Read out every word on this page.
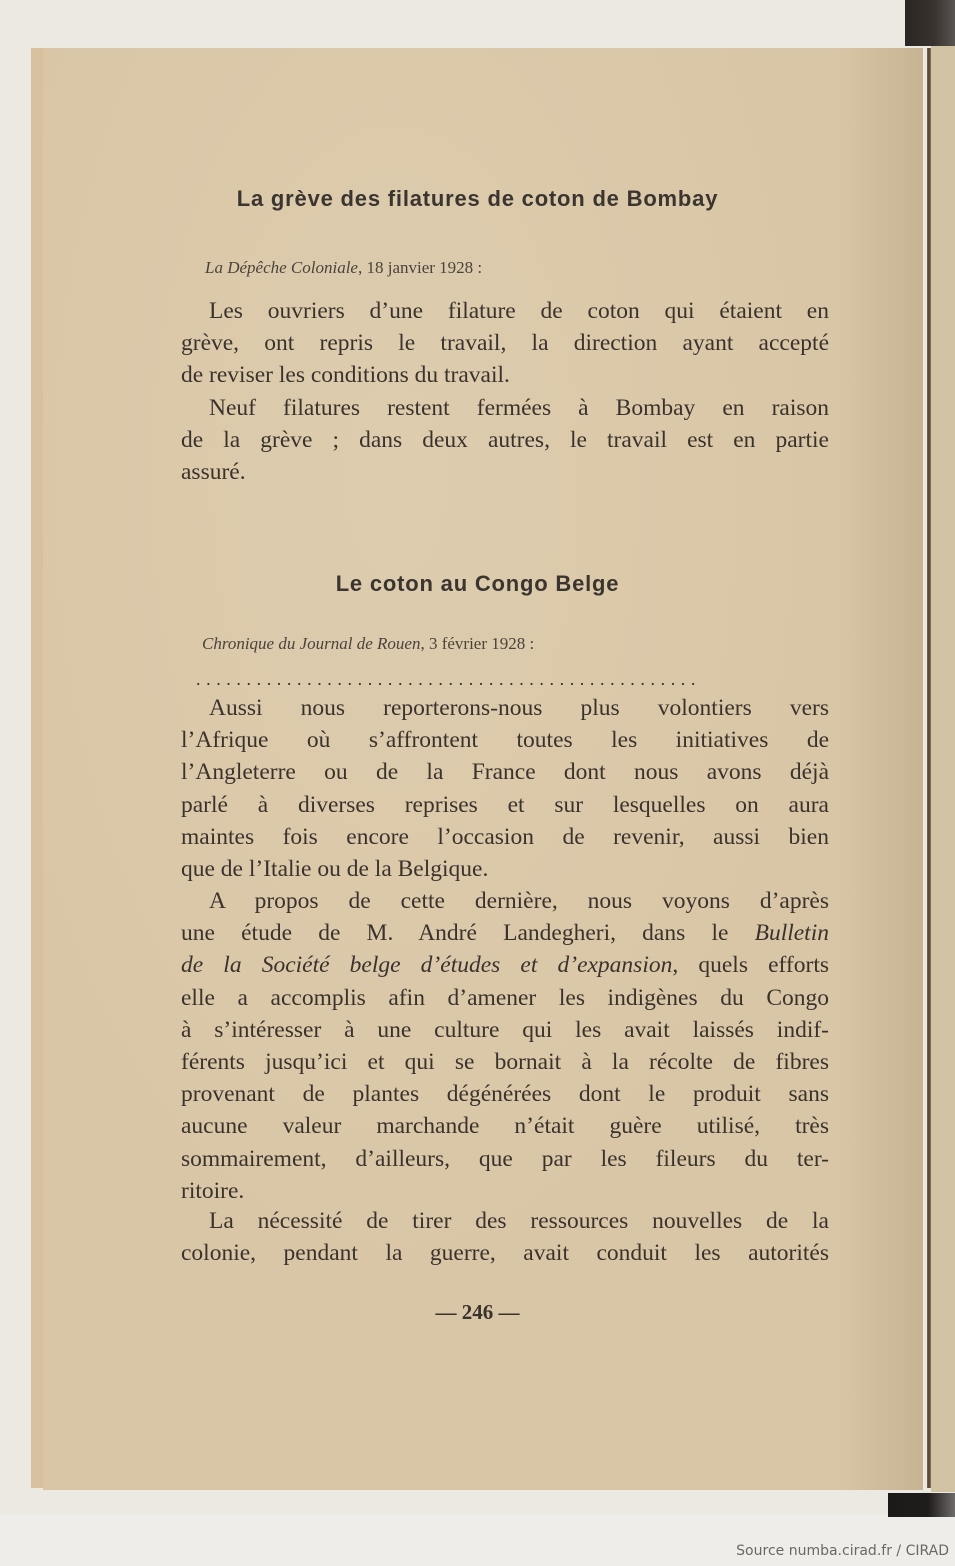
La grève des filatures de coton de Bombay
La Dépêche Coloniale, 18 janvier 1928 :
Les ouvriers d’une filature de coton qui étaient en
grève, ont repris le travail, la direction ayant accepté
de reviser les conditions du travail.
Neuf filatures restent fermées à Bombay en raison
de la grève ; dans deux autres, le travail est en partie
assuré.
Le coton au Congo Belge
Chronique du Journal de Rouen, 3 février 1928 :
..................................................
Aussi nous reporterons-nous plus volontiers vers
l’Afrique où s’affrontent toutes les initiatives de
l’Angleterre ou de la France dont nous avons déjà
parlé à diverses reprises et sur lesquelles on aura
maintes fois encore l’occasion de revenir, aussi bien
que de l’Italie ou de la Belgique.
A propos de cette dernière, nous voyons d’après
une étude de M. André Landegheri, dans le Bulletin
de la Société belge d’études et d’expansion, quels efforts
elle a accomplis afin d’amener les indigènes du Congo
à s’intéresser à une culture qui les avait laissés indif-
férents jusqu’ici et qui se bornait à la récolte de fibres
provenant de plantes dégénérées dont le produit sans
aucune valeur marchande n’était guère utilisé, très
sommairement, d’ailleurs, que par les fileurs du ter-
ritoire.
La nécessité de tirer des ressources nouvelles de la
colonie, pendant la guerre, avait conduit les autorités
— 246 —
Source numba.cirad.fr / CIRAD
